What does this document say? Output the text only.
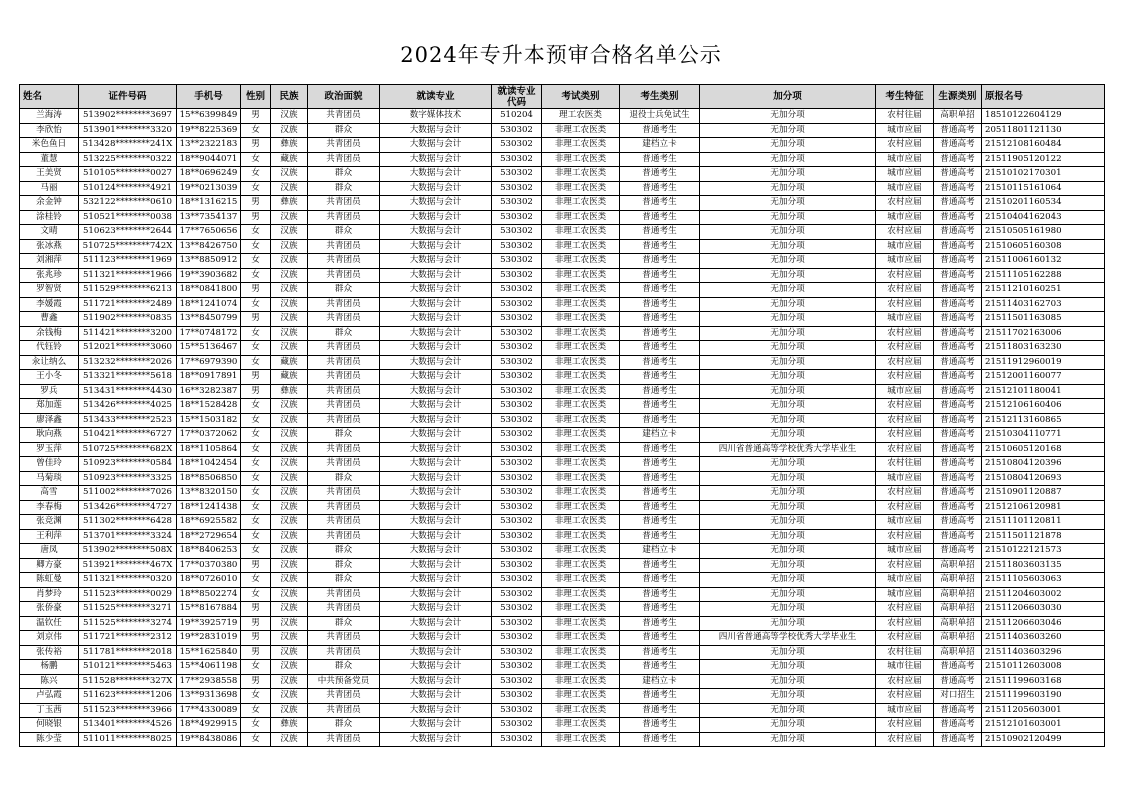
2024年专升本预审合格名单公示
姓名	证件号码	手机号	性别	民族	政治面貌	就读专业	就读专业代码	考试类别	考生类别	加分项	考生特征	生源类别	原报名号
兰海涛	513902********3697	15**6399849	男	汉族	共青团员	数字媒体技术	510204	理工农医类	退役士兵免试生	无加分项	农村往届	高职单招	18510122604129
李欣怡	513901********3320	19**8225369	女	汉族	群众	大数据与会计	530302	非理工农医类	普通考生	无加分项	城市应届	普通高考	20511801121130
米色鱼日	513428********241X	13**2322183	男	彝族	共青团员	大数据与会计	530302	非理工农医类	建档立卡	无加分项	农村应届	普通高考	21512108160484
董慧	513225********0322	18**9044071	女	藏族	共青团员	大数据与会计	530302	非理工农医类	普通考生	无加分项	城市应届	普通高考	21511905120122
王美贤	510105********0027	18**0696249	女	汉族	群众	大数据与会计	530302	非理工农医类	普通考生	无加分项	城市应届	普通高考	21510102170301
马丽	510124********4921	19**0213039	女	汉族	群众	大数据与会计	530302	非理工农医类	普通考生	无加分项	城市应届	普通高考	21510115161064
余金钟	532122********0610	18**1316215	男	彝族	共青团员	大数据与会计	530302	非理工农医类	普通考生	无加分项	农村应届	普通高考	21510201160534
涂桂铃	510521********0038	13**7354137	男	汉族	共青团员	大数据与会计	530302	非理工农医类	普通考生	无加分项	城市应届	普通高考	21510404162043
文晴	510623********2644	17**7650656	女	汉族	群众	大数据与会计	530302	非理工农医类	普通考生	无加分项	农村应届	普通高考	21510505161980
张冰燕	510725********742X	13**8426750	女	汉族	共青团员	大数据与会计	530302	非理工农医类	普通考生	无加分项	城市应届	普通高考	21510605160308
刘湘萍	511123********1969	13**8850912	女	汉族	共青团员	大数据与会计	530302	非理工农医类	普通考生	无加分项	城市应届	普通高考	21511006160132
张兆珍	511321********1966	19**3903682	女	汉族	共青团员	大数据与会计	530302	非理工农医类	普通考生	无加分项	农村应届	普通高考	21511105162288
罗智贤	511529********6213	18**0841800	男	汉族	群众	大数据与会计	530302	非理工农医类	普通考生	无加分项	农村应届	普通高考	21511210160251
李媛霞	511721********2489	18**1241074	女	汉族	共青团员	大数据与会计	530302	非理工农医类	普通考生	无加分项	农村应届	普通高考	21511403162703
曹鑫	511902********0835	13**8450799	男	汉族	共青团员	大数据与会计	530302	非理工农医类	普通考生	无加分项	城市应届	普通高考	21511501163085
余钱梅	511421********3200	17**0748172	女	汉族	群众	大数据与会计	530302	非理工农医类	普通考生	无加分项	农村应届	普通高考	21511702163006
代钰铃	512021********3060	15**5136467	女	汉族	共青团员	大数据与会计	530302	非理工农医类	普通考生	无加分项	农村应届	普通高考	21511803163230
汆让纳么	513232********2026	17**6979390	女	藏族	共青团员	大数据与会计	530302	非理工农医类	普通考生	无加分项	农村应届	普通高考	21511912960019
王小冬	513321********5618	18**0917891	男	藏族	共青团员	大数据与会计	530302	非理工农医类	普通考生	无加分项	农村应届	普通高考	21512001160077
罗兵	513431********4430	16**3282387	男	彝族	共青团员	大数据与会计	530302	非理工农医类	普通考生	无加分项	城市应届	普通高考	21512101180041
郑加莲	513426********4025	18**1528428	女	汉族	共青团员	大数据与会计	530302	非理工农医类	普通考生	无加分项	农村应届	普通高考	21512106160406
廖泽鑫	513433********2523	15**1503182	女	汉族	共青团员	大数据与会计	530302	非理工农医类	普通考生	无加分项	农村应届	普通高考	21512113160865
耿向燕	510421********6727	17**0372062	女	汉族	群众	大数据与会计	530302	非理工农医类	建档立卡	无加分项	农村应届	普通高考	21510304110771
罗玉萍	510725********682X	18**1105864	女	汉族	共青团员	大数据与会计	530302	非理工农医类	普通考生	四川省普通高等学校优秀大学毕业生	农村应届	普通高考	21510605120168
曾佳玲	510923********0584	18**1042454	女	汉族	共青团员	大数据与会计	530302	非理工农医类	普通考生	无加分项	农村往届	普通高考	21510804120396
马菊琰	510923********3325	18**8506850	女	汉族	群众	大数据与会计	530302	非理工农医类	普通考生	无加分项	城市应届	普通高考	21510804120693
高雪	511002********7026	13**8320150	女	汉族	共青团员	大数据与会计	530302	非理工农医类	普通考生	无加分项	农村应届	普通高考	21510901120887
李春梅	513426********4727	18**1241438	女	汉族	共青团员	大数据与会计	530302	非理工农医类	普通考生	无加分项	农村应届	普通高考	21512106120981
张竞渊	511302********6428	18**6925582	女	汉族	共青团员	大数据与会计	530302	非理工农医类	普通考生	无加分项	城市应届	普通高考	21511101120811
王利萍	513701********3324	18**2729654	女	汉族	共青团员	大数据与会计	530302	非理工农医类	普通考生	无加分项	农村应届	普通高考	21511501121878
唐凤	513902********508X	18**8406253	女	汉族	群众	大数据与会计	530302	非理工农医类	建档立卡	无加分项	城市应届	普通高考	21510122121573
卿方豪	513921********467X	17**0370380	男	汉族	群众	大数据与会计	530302	非理工农医类	普通考生	无加分项	农村应届	高职单招	21511803603135
陈虹曼	511321********0320	18**0726010	女	汉族	群众	大数据与会计	530302	非理工农医类	普通考生	无加分项	城市应届	高职单招	21511105603063
肖梦玲	511523********0029	18**8502274	女	汉族	共青团员	大数据与会计	530302	非理工农医类	普通考生	无加分项	城市应届	高职单招	21511204603002
张侨豪	511525********3271	15**8167884	男	汉族	共青团员	大数据与会计	530302	非理工农医类	普通考生	无加分项	农村应届	高职单招	21511206603030
温钦任	511525********3274	19**3925719	男	汉族	群众	大数据与会计	530302	非理工农医类	普通考生	无加分项	农村应届	高职单招	21511206603046
刘京伟	511721********2312	19**2831019	男	汉族	共青团员	大数据与会计	530302	非理工农医类	普通考生	四川省普通高等学校优秀大学毕业生	农村应届	高职单招	21511403603260
张传裕	511781********2018	15**1625840	男	汉族	共青团员	大数据与会计	530302	非理工农医类	普通考生	无加分项	农村往届	高职单招	21511403603296
杨鹏	510121********5463	15**4061198	女	汉族	群众	大数据与会计	530302	非理工农医类	普通考生	无加分项	城市往届	普通高考	21510112603008
陈兴	511528********327X	17**2938558	男	汉族	中共预备党员	大数据与会计	530302	非理工农医类	建档立卡	无加分项	农村应届	普通高考	21511199603168
卢弘霞	511623********1206	13**9313698	女	汉族	共青团员	大数据与会计	530302	非理工农医类	普通考生	无加分项	农村应届	对口招生	21511199603190
丁玉茜	511523********3966	17**4330089	女	汉族	共青团员	大数据与会计	530302	非理工农医类	普通考生	无加分项	城市应届	普通高考	21511205603001
何晓银	513401********4526	18**4929915	女	彝族	群众	大数据与会计	530302	非理工农医类	普通考生	无加分项	农村应届	普通高考	21512101603001
陈少莹	511011********8025	19**8438086	女	汉族	共青团员	大数据与会计	530302	非理工农医类	普通考生	无加分项	农村应届	普通高考	21510902120499
